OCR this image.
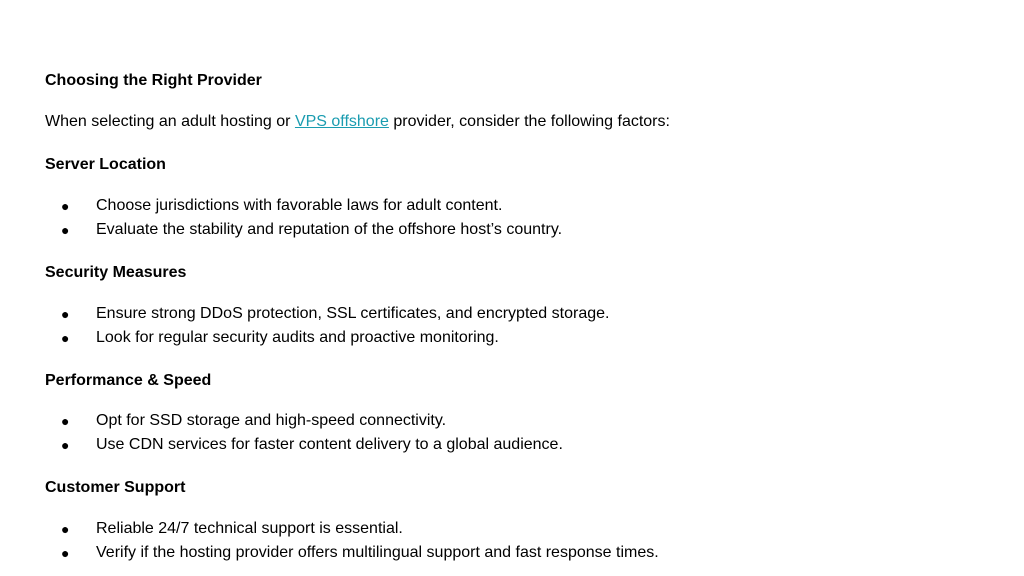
Choosing the Right Provider
When selecting an adult hosting or VPS offshore provider, consider the following factors:
Server Location
● Choose jurisdictions with favorable laws for adult content.
● Evaluate the stability and reputation of the offshore host’s country.
Security Measures
● Ensure strong DDoS protection, SSL certificates, and encrypted storage.
● Look for regular security audits and proactive monitoring.
Performance & Speed
● Opt for SSD storage and high-speed connectivity.
● Use CDN services for faster content delivery to a global audience.
Customer Support
● Reliable 24/7 technical support is essential.
● Verify if the hosting provider offers multilingual support and fast response times.
